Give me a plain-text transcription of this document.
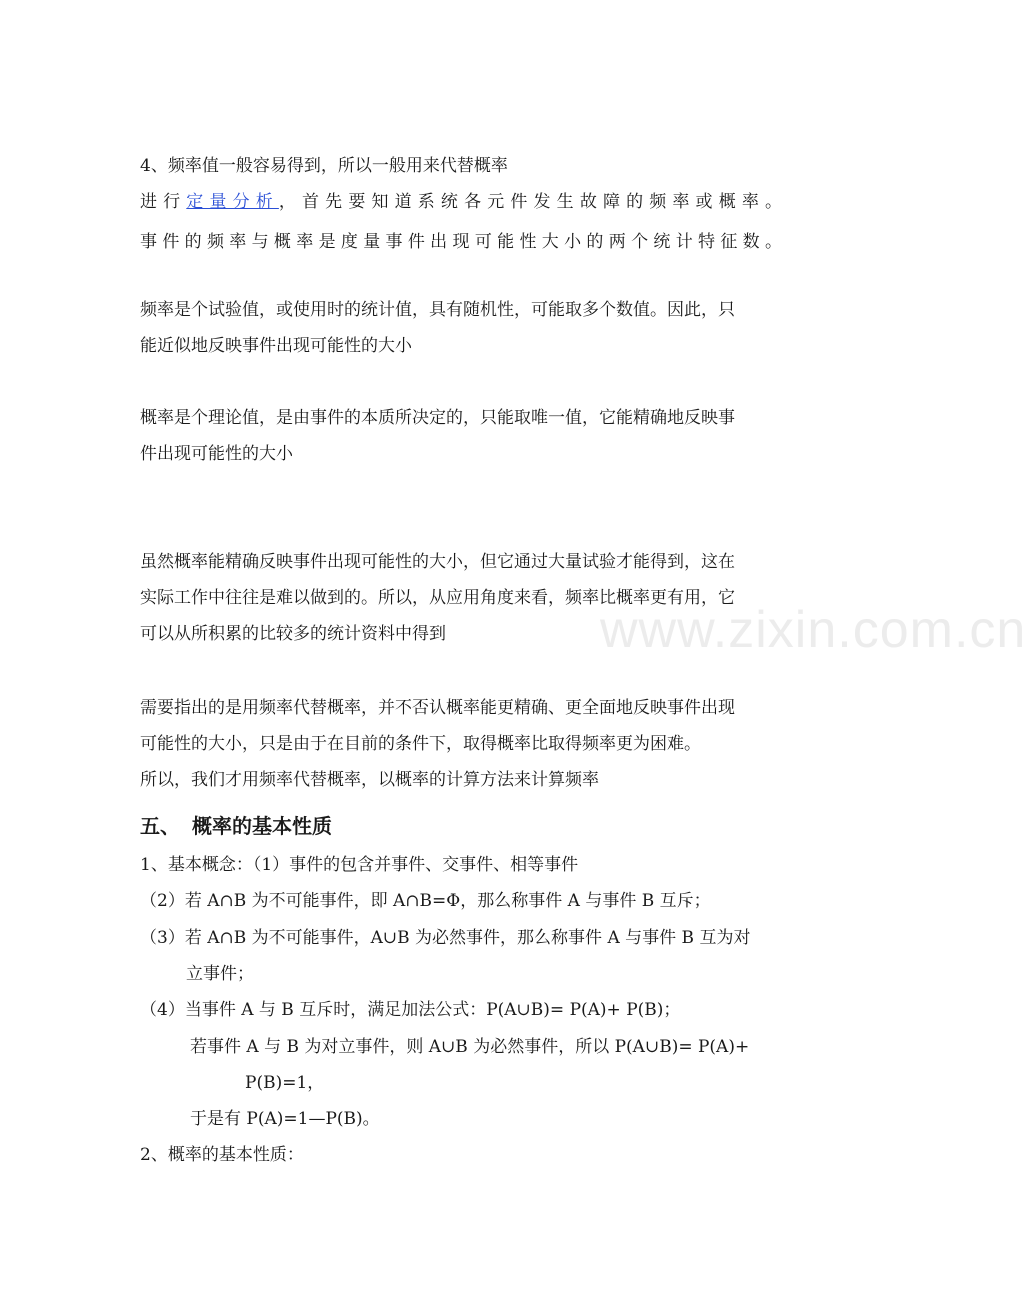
www.zixin.com.cn
4、频率值一般容易得到，所以一般用来代替概率
进行定量分析，首先要知道系统各元件发生故障的频率或概率。
事件的频率与概率是度量事件出现可能性大小的两个统计特征数。
频率是个试验值，或使用时的统计值，具有随机性，可能取多个数值。因此，只
能近似地反映事件出现可能性的大小
概率是个理论值，是由事件的本质所决定的，只能取唯一值，它能精确地反映事
件出现可能性的大小
虽然概率能精确反映事件出现可能性的大小，但它通过大量试验才能得到，这在
实际工作中往往是难以做到的。所以，从应用角度来看，频率比概率更有用，它
可以从所积累的比较多的统计资料中得到
需要指出的是用频率代替概率，并不否认概率能更精确、更全面地反映事件出现
可能性的大小，只是由于在目前的条件下，取得概率比取得频率更为困难。
所以，我们才用频率代替概率，以概率的计算方法来计算频率
五、 概率的基本性质
1、基本概念：（1）事件的包含并事件、交事件、相等事件
（2）若 A∩B 为不可能事件，即 A∩B=Φ，那么称事件 A 与事件 B 互斥；
（3）若 A∩B 为不可能事件，A∪B 为必然事件，那么称事件 A 与事件 B 互为对
立事件；
（4）当事件 A 与 B 互斥时，满足加法公式：P(A∪B)= P(A)+ P(B)；
若事件 A 与 B 为对立事件，则 A∪B 为必然事件，所以 P(A∪B)= P(A)+
P(B)=1，
于是有 P(A)=1—P(B)。
2、概率的基本性质：
